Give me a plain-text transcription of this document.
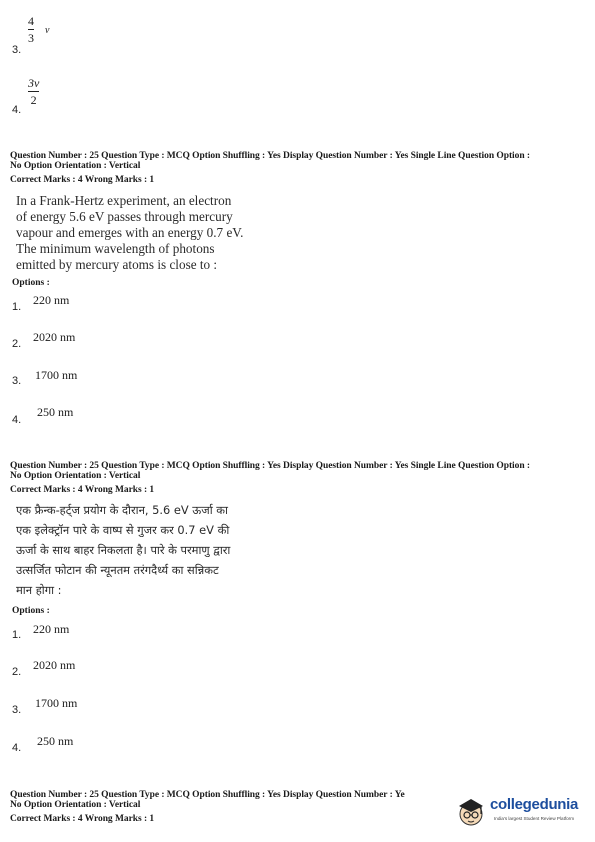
3.
$\frac{4}{3}$ v
4.
$\frac{3v}{2}$
Question Number : 25 Question Type : MCQ Option Shuffling : Yes Display Question Number : Yes Single Line Question Option :
No Option Orientation : Vertical
Correct Marks : 4 Wrong Marks : 1
In a Frank-Hertz experiment, an electron
of energy 5.6 eV passes through mercury
vapour and emerges with an energy 0.7 eV.
The minimum wavelength of photons
emitted by mercury atoms is close to :
Options :
1. 220 nm
2. 2020 nm
3. 1700 nm
4.
250 nm
Question Number : 25 Question Type : MCQ Option Shuffling : Yes Display Question Number : Yes Single Line Question Option :
No Option Orientation : Vertical
Correct Marks : 4 Wrong Marks : 1
एक फ्रैन्क-हर्ट्ज प्रयोग के दौरान, 5.6 eV ऊर्जा का
एक इलेक्ट्रॉन पारे के वाष्प से गुजर कर 0.7 eV की
ऊर्जा के साथ बाहर निकलता है। पारे के परमाणु द्वारा
उत्सर्जित फोटान की न्यूनतम तरंगदैर्ध्य का सन्निकट
मान होगा :
Options :
1. 220 nm
2. 2020 nm
3. 1700 nm
4. 250 nm
Question Number : 25 Question Type : MCQ Option Shuffling : Yes Display Question Number : Ye
No Option Orientation : Vertical
Correct Marks : 4 Wrong Marks : 1
collegedunia
India's largest Student Review Platform
